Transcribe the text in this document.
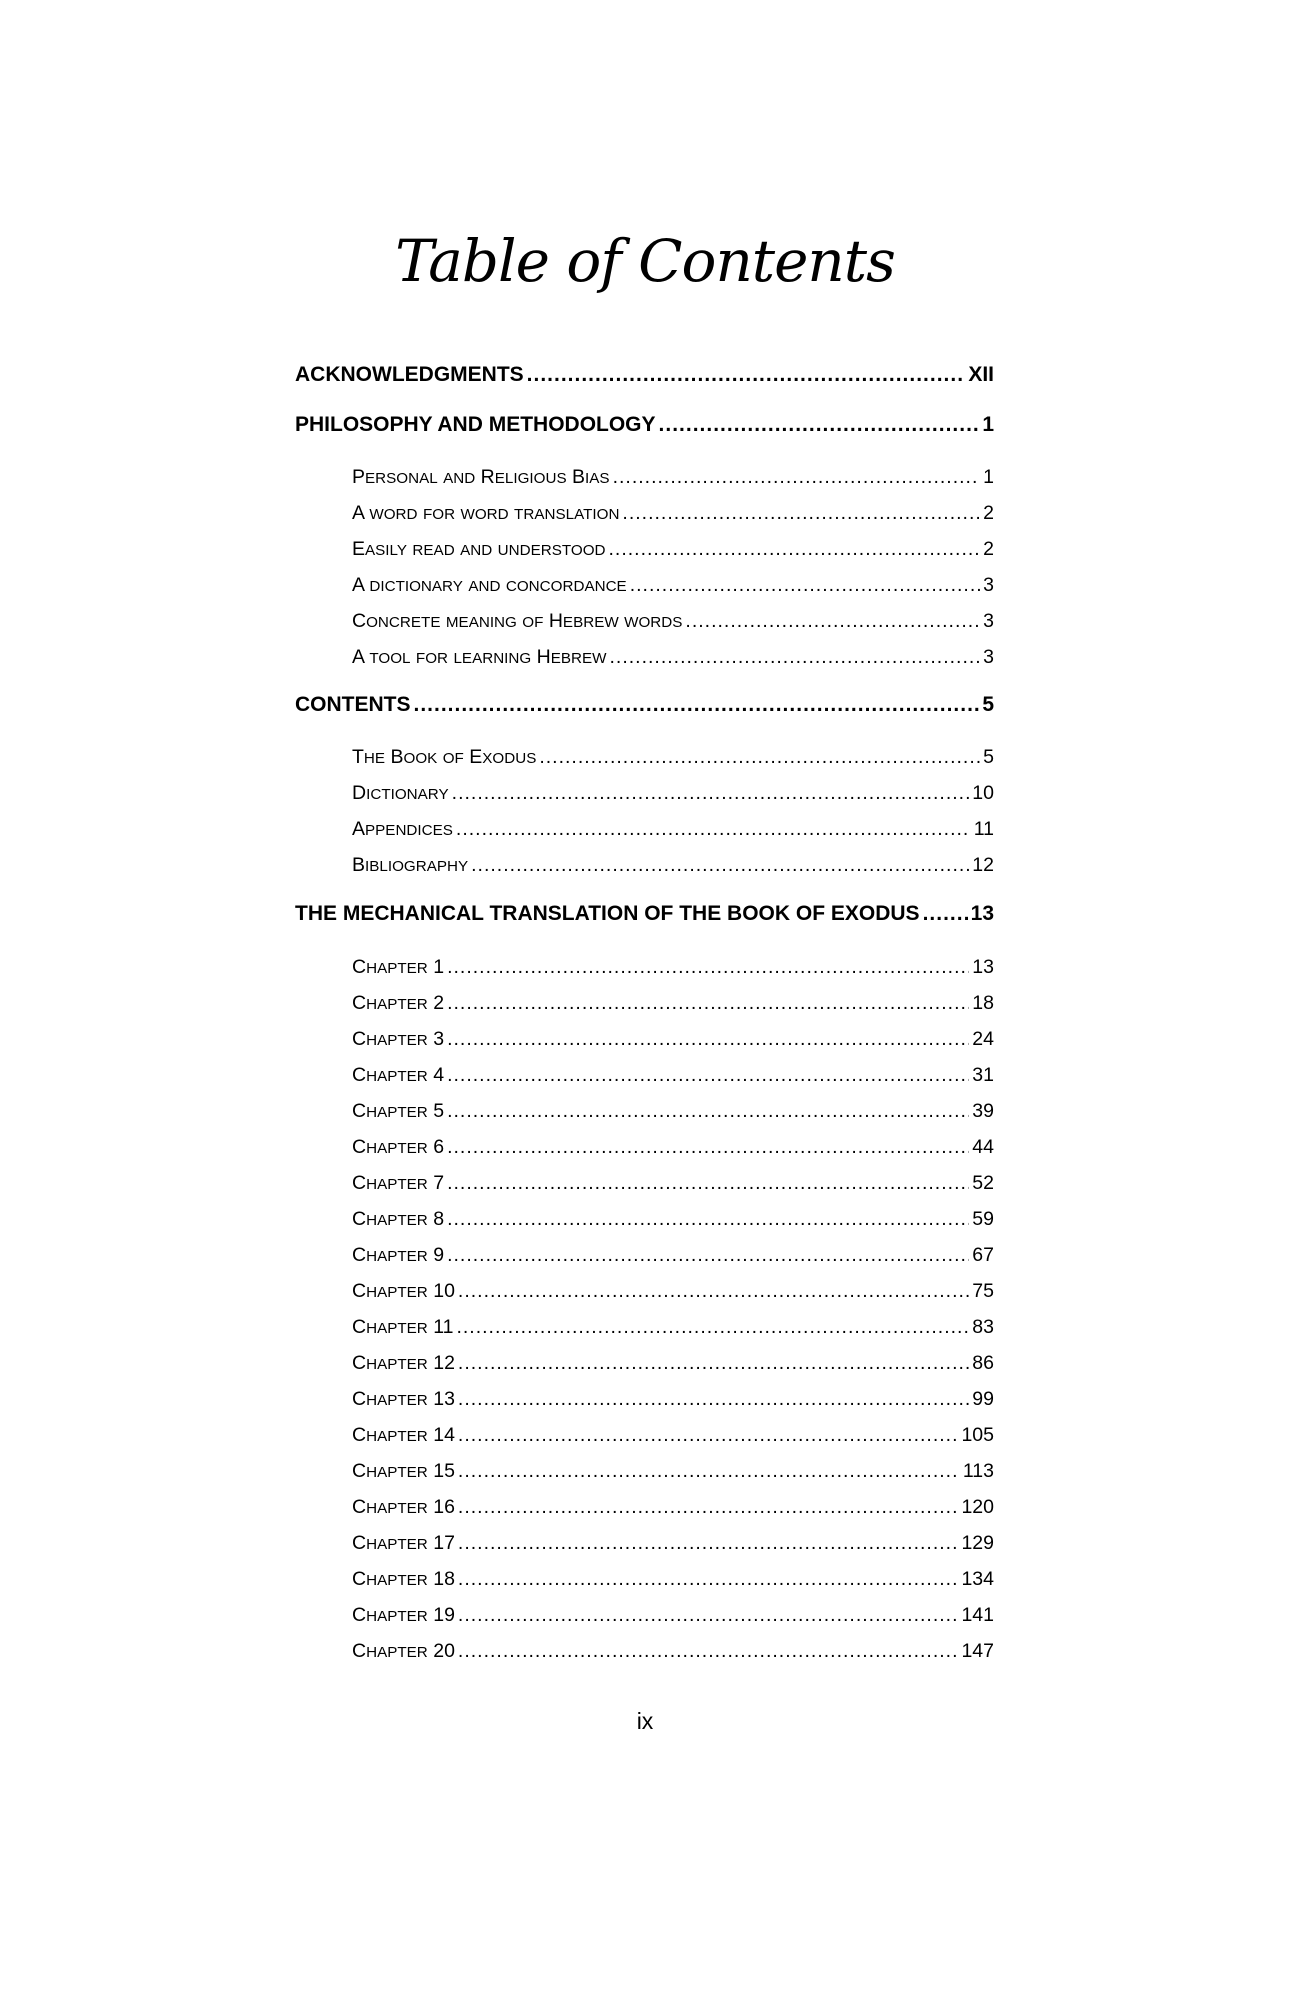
Table of Contents
ACKNOWLEDGMENTS .....	XII
PHILOSOPHY AND METHODOLOGY .....	1
PERSONAL AND RELIGIOUS BIAS .....	1
A WORD FOR WORD TRANSLATION .....	2
EASILY READ AND UNDERSTOOD .....	2
A DICTIONARY AND CONCORDANCE .....	3
CONCRETE MEANING OF HEBREW WORDS .....	3
A TOOL FOR LEARNING HEBREW .....	3
CONTENTS .....	5
THE BOOK OF EXODUS .....	5
DICTIONARY .....	10
APPENDICES .....	11
BIBLIOGRAPHY .....	12
THE MECHANICAL TRANSLATION OF THE BOOK OF EXODUS ..... 13
CHAPTER 1 .....	13
CHAPTER 2 .....	18
CHAPTER 3 .....	24
CHAPTER 4 .....	31
CHAPTER 5 .....	39
CHAPTER 6 .....	44
CHAPTER 7 .....	52
CHAPTER 8 .....	59
CHAPTER 9 .....	67
CHAPTER 10 .....	75
CHAPTER 11 .....	83
CHAPTER 12 .....	86
CHAPTER 13 .....	99
CHAPTER 14 .....	105
CHAPTER 15 .....	113
CHAPTER 16 .....	120
CHAPTER 17 .....	129
CHAPTER 18 .....	134
CHAPTER 19 .....	141
CHAPTER 20 .....	147
ix
